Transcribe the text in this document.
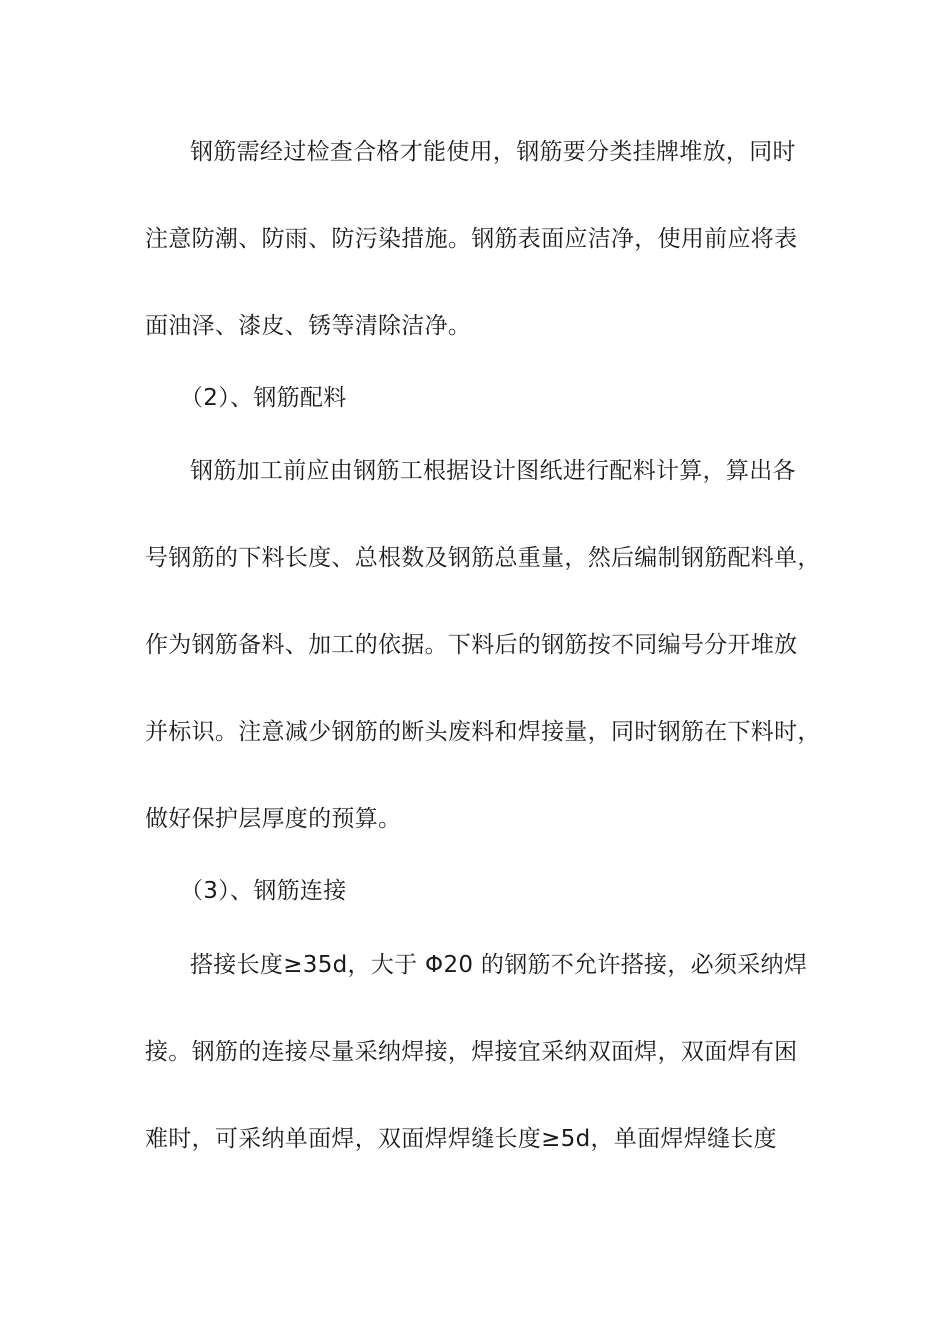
钢筋需经过检查合格才能使用，钢筋要分类挂牌堆放，同时
注意防潮、防雨、防污染措施。钢筋表面应洁净，使用前应将表
面油泽、漆皮、锈等清除洁净。
（2）、钢筋配料
钢筋加工前应由钢筋工根据设计图纸进行配料计算，算出各
号钢筋的下料长度、总根数及钢筋总重量，然后编制钢筋配料单，
作为钢筋备料、加工的依据。下料后的钢筋按不同编号分开堆放
并标识。注意减少钢筋的断头废料和焊接量，同时钢筋在下料时，
做好保护层厚度的预算。
（3）、钢筋连接
搭接长度≥35d，大于 Φ20 的钢筋不允许搭接，必须采纳焊
接。钢筋的连接尽量采纳焊接，焊接宜采纳双面焊，双面焊有困
难时，可采纳单面焊，双面焊焊缝长度≥5d，单面焊焊缝长度
